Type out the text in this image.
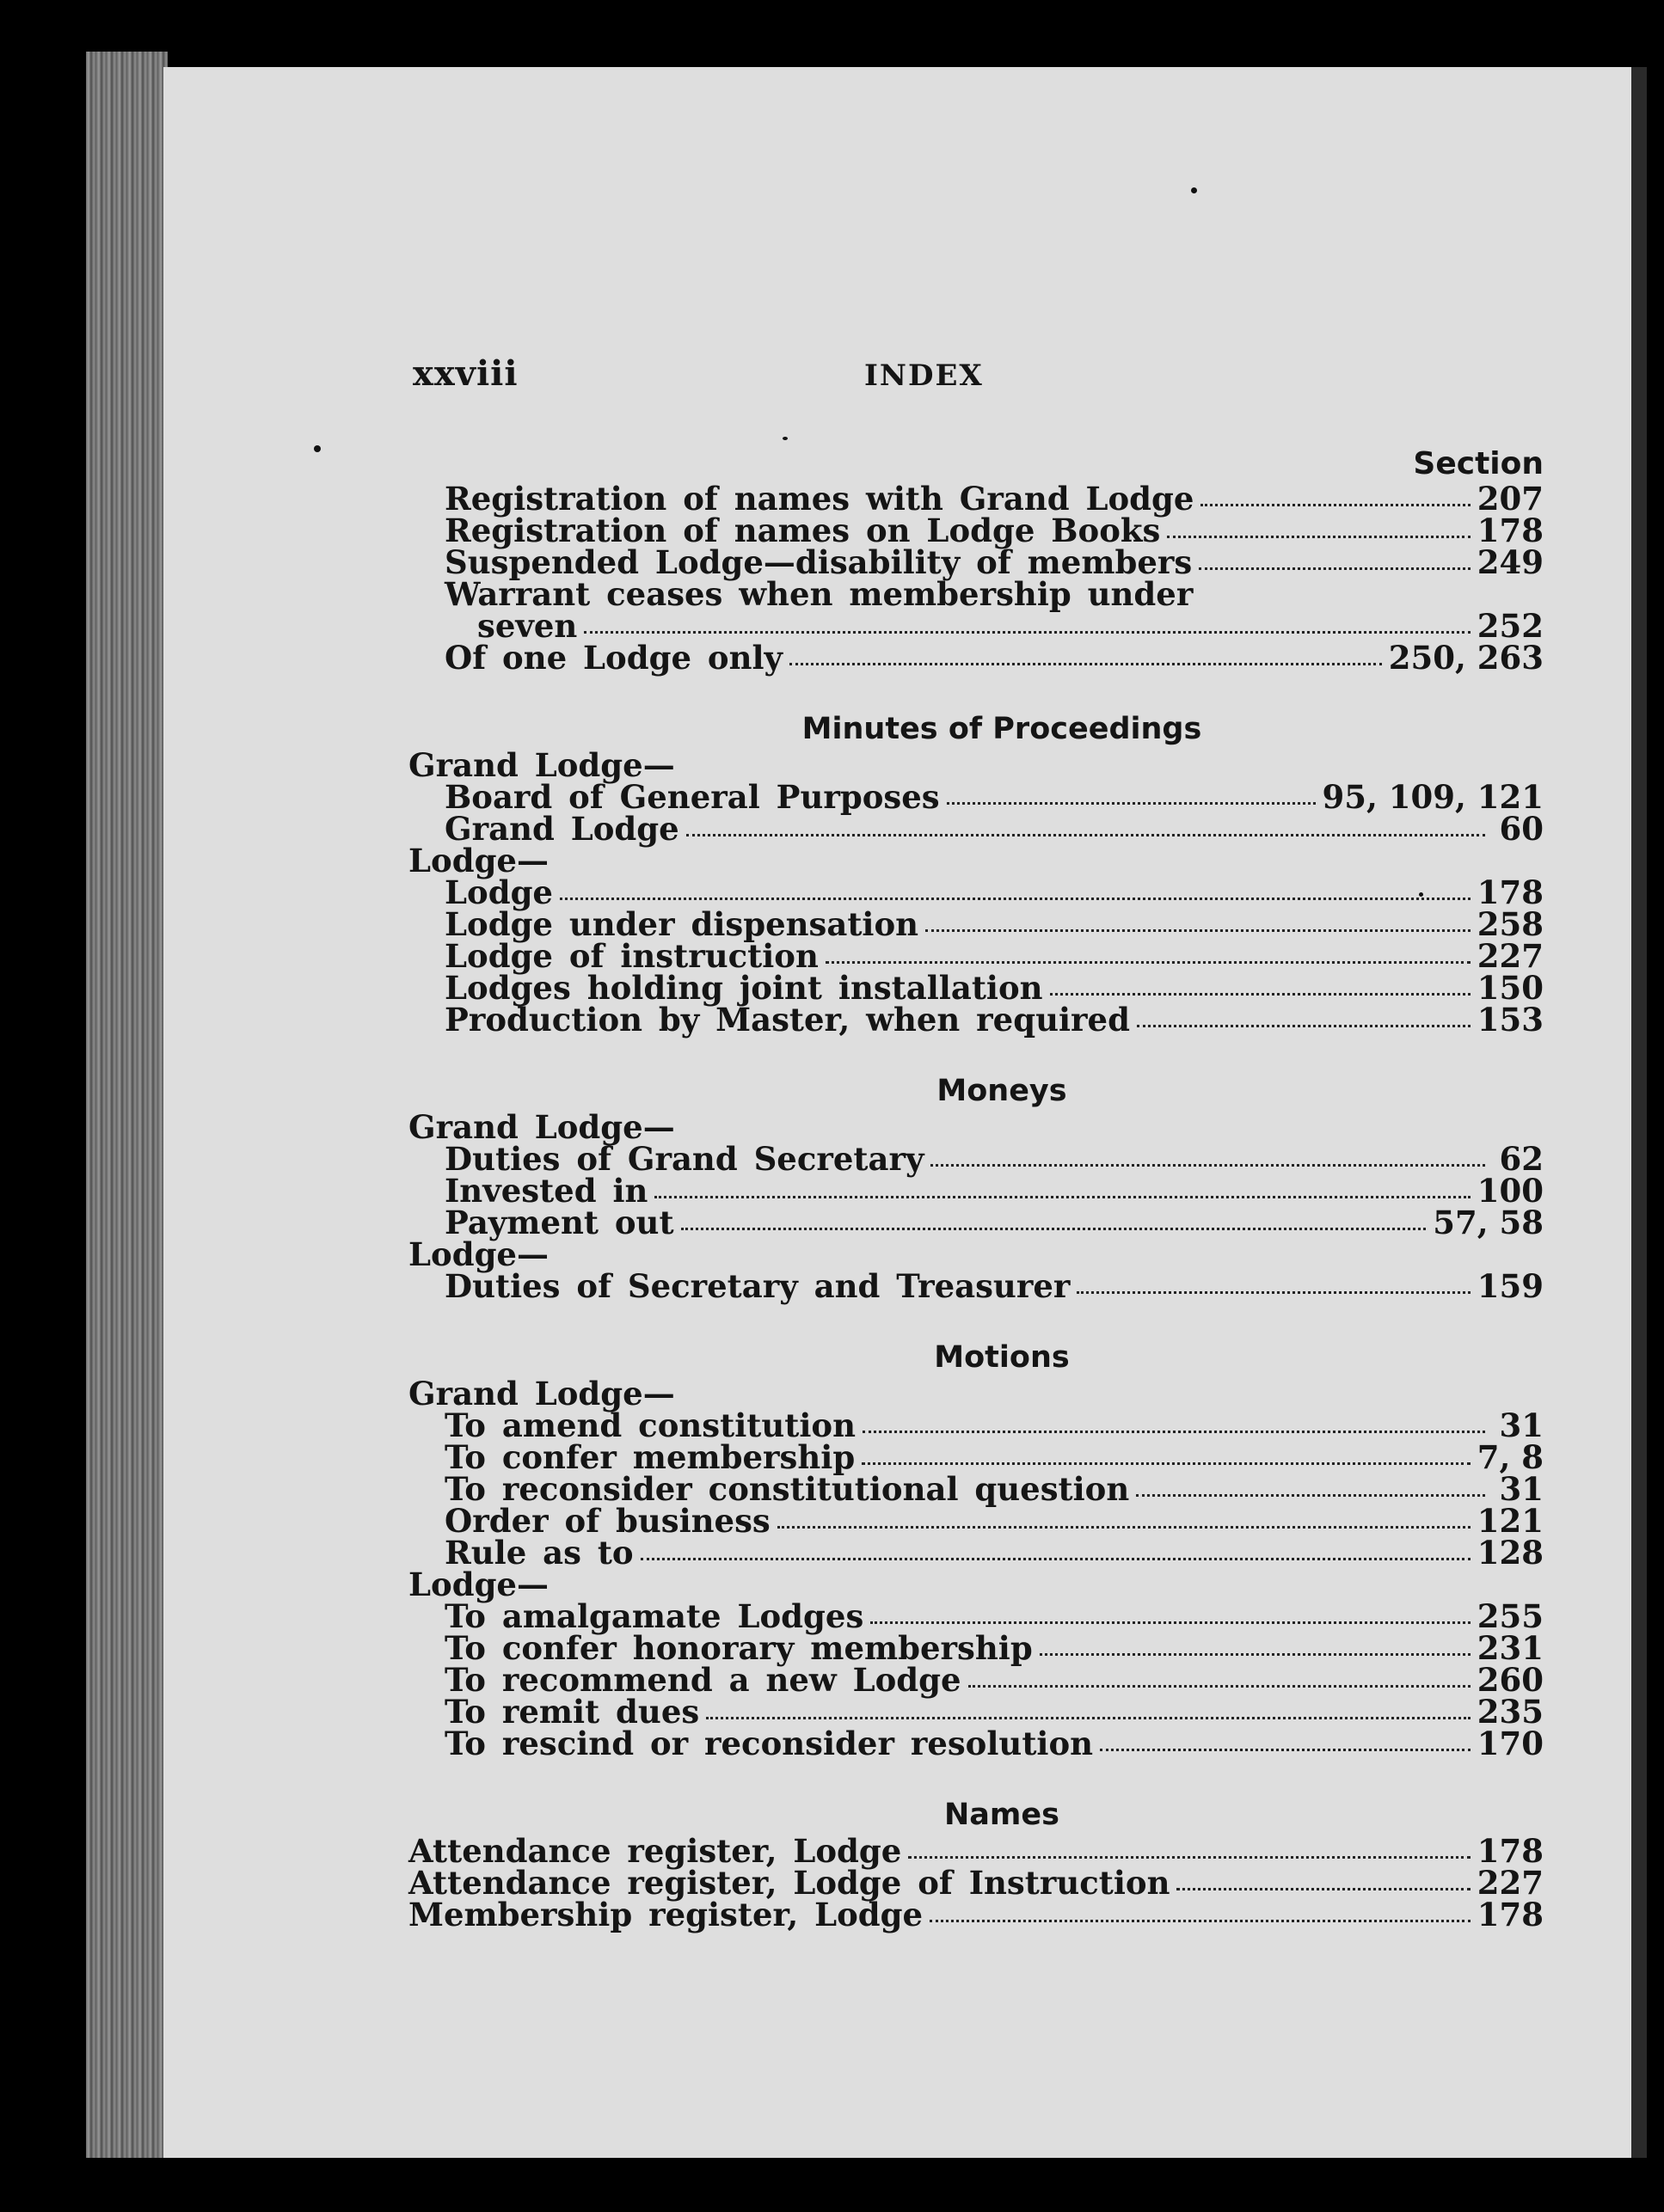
xxviii	INDEX
Section
Registration of names with Grand Lodge	207
Registration of names on Lodge Books	178
Suspended Lodge—disability of members	249
Warrant ceases when membership under
seven	252
Of one Lodge only	250, 263
Minutes of Proceedings
Grand Lodge—
Board of General Purposes	95, 109, 121
Grand Lodge	60
Lodge—
Lodge	178
Lodge under dispensation	258
Lodge of instruction	227
Lodges holding joint installation	150
Production by Master, when required	153
Moneys
Grand Lodge—
Duties of Grand Secretary	62
Invested in	100
Payment out	57, 58
Lodge—
Duties of Secretary and Treasurer	159
Motions
Grand Lodge—
To amend constitution	31
To confer membership	7, 8
To reconsider constitutional question	31
Order of business	121
Rule as to	128
Lodge—
To amalgamate Lodges	255
To confer honorary membership	231
To recommend a new Lodge	260
To remit dues	235
To rescind or reconsider resolution	170
Names
Attendance register, Lodge	178
Attendance register, Lodge of Instruction	227
Membership register, Lodge	178
